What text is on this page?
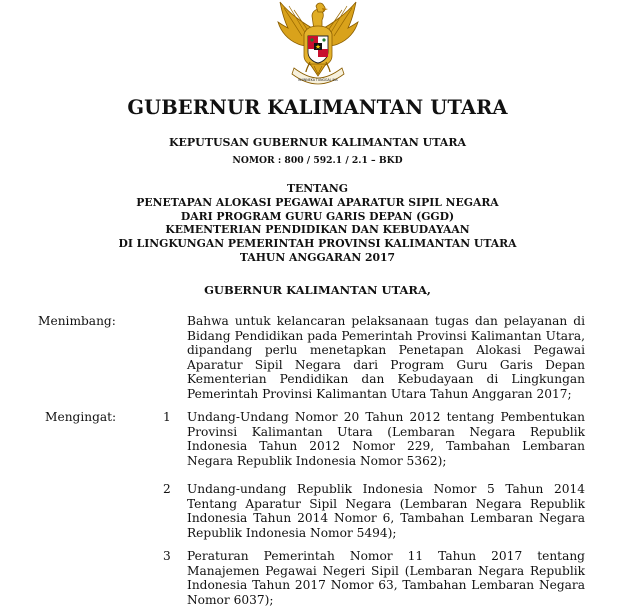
BHINNEKA TUNGGAL IKA
GUBERNUR KALIMANTAN UTARA
KEPUTUSAN GUBERNUR KALIMANTAN UTARA
NOMOR : 800 / 592.1 / 2.1 – BKD
TENTANG
PENETAPAN ALOKASI PEGAWAI APARATUR SIPIL NEGARA
DARI PROGRAM GURU GARIS DEPAN (GGD)
KEMENTERIAN PENDIDIKAN DAN KEBUDAYAAN
DI LINGKUNGAN PEMERINTAH PROVINSI KALIMANTAN UTARA
TAHUN ANGGARAN 2017
GUBERNUR KALIMANTAN UTARA,
Menimbang:	Bahwa untuk kelancaran pelaksanaan tugas dan pelayanan di Bidang Pendidikan pada Pemerintah Provinsi Kalimantan Utara, dipandang perlu menetapkan Penetapan Alokasi Pegawai Aparatur Sipil Negara dari Program Guru Garis Depan Kementerian Pendidikan dan Kebudayaan di Lingkungan Pemerintah Provinsi Kalimantan Utara Tahun Anggaran 2017;
Mengingat:	1 Undang-Undang Nomor 20 Tahun 2012 tentang Pembentukan Provinsi Kalimantan Utara (Lembaran Negara Republik Indonesia Tahun 2012 Nomor 229, Tambahan Lembaran Negara Republik Indonesia Nomor 5362);
2 Undang-undang Republik Indonesia Nomor 5 Tahun 2014 Tentang Aparatur Sipil Negara (Lembaran Negara Republik Indonesia Tahun 2014 Nomor 6, Tambahan Lembaran Negara Republik Indonesia Nomor 5494);
3 Peraturan Pemerintah Nomor 11 Tahun 2017 tentang Manajemen Pegawai Negeri Sipil (Lembaran Negara Republik Indonesia Tahun 2017 Nomor 63, Tambahan Lembaran Negara Nomor 6037);
